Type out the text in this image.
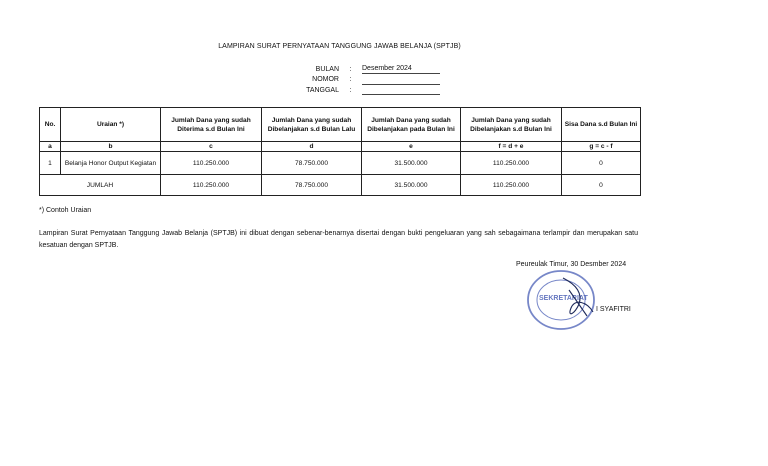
LAMPIRAN SURAT PERNYATAAN TANGGUNG JAWAB BELANJA (SPTJB)
BULAN	:	Desember 2024
NOMOR	:
TANGGAL	:
No.	Uraian *)	Jumlah Dana yang sudah Diterima s.d Bulan Ini	Jumlah Dana yang sudah Dibelanjakan s.d Bulan Lalu	Jumlah Dana yang sudah Dibelanjakan pada Bulan Ini	Jumlah Dana yang sudah Dibelanjakan s.d Bulan Ini	Sisa Dana s.d Bulan Ini
a	b	c	d	e	f = d + e	g = c - f
1	Belanja Honor Output Kegiatan	110.250.000	78.750.000	31.500.000	110.250.000	0
JUMLAH		110.250.000	78.750.000	31.500.000	110.250.000	0
*) Contoh Uraian
Lampiran Surat Pernyataan Tanggung Jawab Belanja (SPTJB) ini dibuat dengan sebenar-benarnya disertai dengan bukti pengeluaran yang sah sebagaimana terlampir dan merupakan satu kesatuan dengan SPTJB.
SEKRETARIAT
Peureulak Timur, 30 Desmber 2024
I SYAFITRI
